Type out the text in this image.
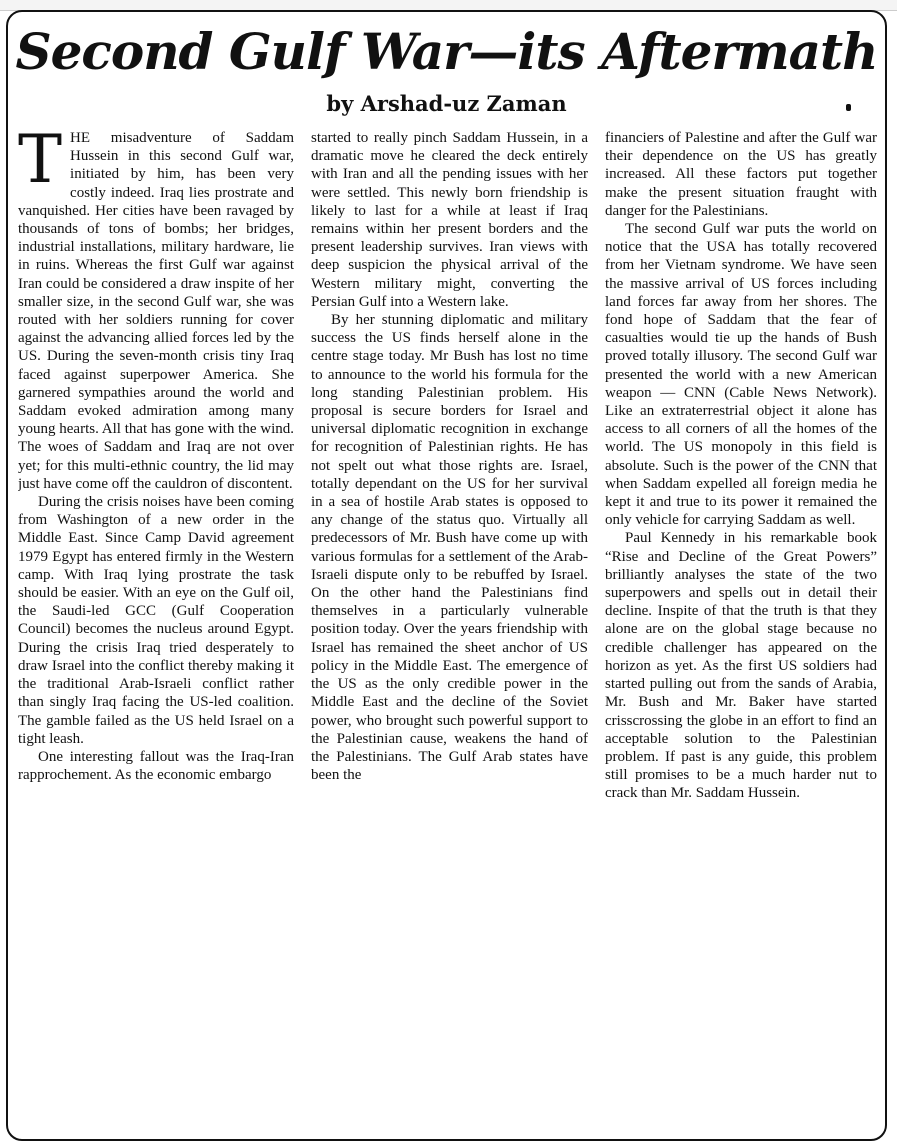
Second Gulf War—its Aftermath
by Arshad-uz Zaman

THE misadventure of Saddam Hussein in this second Gulf war, initiated by him, has been very costly indeed. Iraq lies prostrate and vanquished. Her cities have been ravaged by thousands of tons of bombs; her bridges, industrial installations, military hardware, lie in ruins. Whereas the first Gulf war against Iran could be considered a draw inspite of her smaller size, in the second Gulf war, she was routed with her soldiers running for cover against the advancing allied forces led by the US. During the seven-month crisis tiny Iraq faced against superpower America. She garnered sympathies around the world and Saddam evoked admiration among many young hearts. All that has gone with the wind. The woes of Saddam and Iraq are not over yet; for this multi-ethnic country, the lid may just have come off the cauldron of discontent.

During the crisis noises have been coming from Washington of a new order in the Middle East. Since Camp David agreement 1979 Egypt has entered firmly in the Western camp. With Iraq lying prostrate the task should be easier. With an eye on the Gulf oil, the Saudi-led GCC (Gulf Cooperation Council) becomes the nucleus around Egypt. During the crisis Iraq tried desperately to draw Israel into the conflict thereby making it the traditional Arab-Israeli conflict rather than singly Iraq facing the US-led coalition. The gamble failed as the US held Israel on a tight leash.

One interesting fallout was the Iraq-Iran rapprochement. As the economic embargo

started to really pinch Saddam Hussein, in a dramatic move he cleared the deck entirely with Iran and all the pending issues with her were settled. This newly born friendship is likely to last for a while at least if Iraq remains within her present borders and the present leadership survives. Iran views with deep suspicion the physical arrival of the Western military might, converting the Persian Gulf into a Western lake.

By her stunning diplomatic and military success the US finds herself alone in the centre stage today. Mr Bush has lost no time to announce to the world his formula for the long standing Palestinian problem. His proposal is secure borders for Israel and universal diplomatic recognition in exchange for recognition of Palestinian rights. He has not spelt out what those rights are. Israel, totally dependant on the US for her survival in a sea of hostile Arab states is opposed to any change of the status quo. Virtually all predecessors of Mr. Bush have come up with various formulas for a settlement of the Arab-Israeli dispute only to be rebuffed by Israel. On the other hand the Palestinians find themselves in a particularly vulnerable position today. Over the years friendship with Israel has remained the sheet anchor of US policy in the Middle East. The emergence of the US as the only credible power in the Middle East and the decline of the Soviet power, who brought such powerful support to the Palestinian cause, weakens the hand of the Palestinians. The Gulf Arab states have been the

financiers of Palestine and after the Gulf war their dependence on the US has greatly increased. All these factors put together make the present situation fraught with danger for the Palestinians.

The second Gulf war puts the world on notice that the USA has totally recovered from her Vietnam syndrome. We have seen the massive arrival of US forces including land forces far away from her shores. The fond hope of Saddam that the fear of casualties would tie up the hands of Bush proved totally illusory. The second Gulf war presented the world with a new American weapon — CNN (Cable News Network). Like an extraterrestrial object it alone has access to all corners of all the homes of the world. The US monopoly in this field is absolute. Such is the power of the CNN that when Saddam expelled all foreign media he kept it and true to its power it remained the only vehicle for carrying Saddam as well.

Paul Kennedy in his remarkable book “Rise and Decline of the Great Powers” brilliantly analyses the state of the two superpowers and spells out in detail their decline. Inspite of that the truth is that they alone are on the global stage because no credible challenger has appeared on the horizon as yet. As the first US soldiers had started pulling out from the sands of Arabia, Mr. Bush and Mr. Baker have started crisscrossing the globe in an effort to find an acceptable solution to the Palestinian problem. If past is any guide, this problem still promises to be a much harder nut to crack than Mr. Saddam Hussein.
